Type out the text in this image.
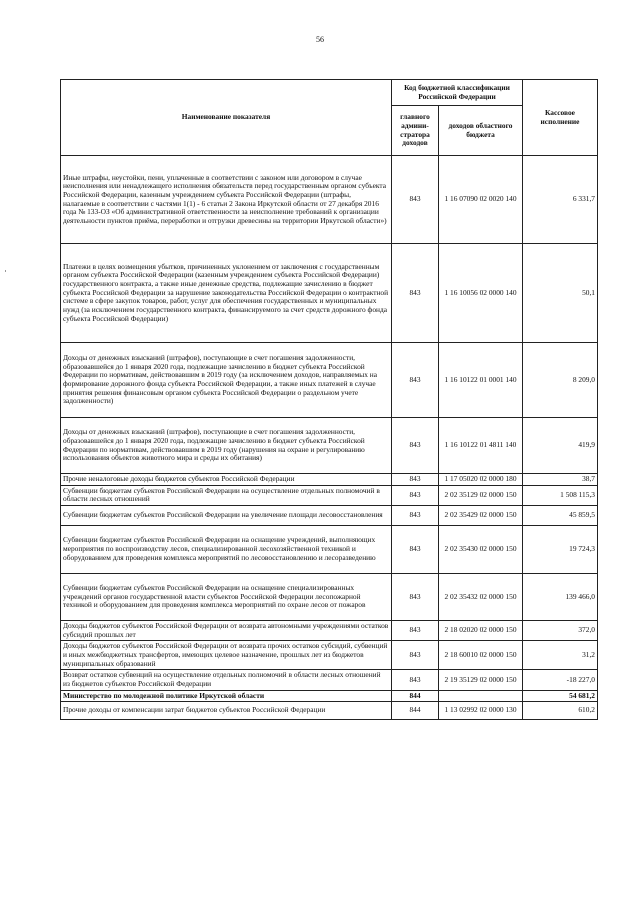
56
Наименование показателя	Код бюджетной классификации Российской Федерации		Кассовое исполнение
	главного админи-стратора доходов	доходов областного бюджета	
Иные штрафы, неустойки, пени, уплаченные в соответствии с законом или договором в случае неисполнения или ненадлежащего исполнения обязательств перед государственным органом субъекта Российской Федерации, казенным учреждением субъекта Российской Федерации (штрафы, налагаемые в соответствии с частями 1(1) - 6 статьи 2 Закона Иркутской области от 27 декабря 2016 года № 133-ОЗ «Об административной ответственности за неисполнение требований к организации деятельности пунктов приёма, переработки и отгрузки древесины на территории Иркутской области»)	843	1 16 07090 02 0020 140	6 331,7
Платежи в целях возмещения убытков, причиненных уклонением от заключения с государственным органом субъекта Российской Федерации (казенным учреждением субъекта Российской Федерации) государственного контракта, а также иные денежные средства, подлежащие зачислению в бюджет субъекта Российской Федерации за нарушение законодательства Российской Федерации о контрактной системе в сфере закупок товаров, работ, услуг для обеспечения государственных и муниципальных нужд (за исключением государственного контракта, финансируемого за счет средств дорожного фонда субъекта Российской Федерации)	843	1 16 10056 02 0000 140	50,1
Доходы от денежных взысканий (штрафов), поступающие в счет погашения задолженности, образовавшейся до 1 января 2020 года, подлежащие зачислению в бюджет субъекта Российской Федерации по нормативам, действовавшим в 2019 году (за исключением доходов, направляемых на формирование дорожного фонда субъекта Российской Федерации, а также иных платежей в случае принятия решения финансовым органом субъекта Российской Федерации о раздельном учете задолженности)	843	1 16 10122 01 0001 140	8 209,0
Доходы от денежных взысканий (штрафов), поступающие в счет погашения задолженности, образовавшейся до 1 января 2020 года, подлежащие зачислению в бюджет субъекта Российской Федерации по нормативам, действовавшим в 2019 году (нарушения на охране и регулированию использования объектов животного мира и среды их обитания)	843	1 16 10122 01 4811 140	419,9
Прочие неналоговые доходы бюджетов субъектов Российской Федерации	843	1 17 05020 02 0000 180	38,7
Субвенции бюджетам субъектов Российской Федерации на осуществление отдельных полномочий в области лесных отношений	843	2 02 35129 02 0000 150	1 508 115,3
Субвенции бюджетам субъектов Российской Федерации на увеличение площади лесовосстановления	843	2 02 35429 02 0000 150	45 859,5
Субвенции бюджетам субъектов Российской Федерации на оснащение учреждений, выполняющих мероприятия по воспроизводству лесов, специализированной лесохозяйственной техникой и оборудованием для проведения комплекса мероприятий по лесовосстановлению и лесоразведению	843	2 02 35430 02 0000 150	19 724,3
Субвенции бюджетам субъектов Российской Федерации на оснащение специализированных учреждений органов государственной власти субъектов Российской Федерации лесопожарной техникой и оборудованием для проведения комплекса мероприятий по охране лесов от пожаров	843	2 02 35432 02 0000 150	139 466,0
Доходы бюджетов субъектов Российской Федерации от возврата автономными учреждениями остатков субсидий прошлых лет	843	2 18 02020 02 0000 150	372,0
Доходы бюджетов субъектов Российской Федерации от возврата прочих остатков субсидий, субвенций и иных межбюджетных трансфертов, имеющих целевое назначение, прошлых лет из бюджетов муниципальных образований	843	2 18 60010 02 0000 150	31,2
Возврат остатков субвенций на осуществление отдельных полномочий в области лесных отношений из бюджетов субъектов Российской Федерации	843	2 19 35129 02 0000 150	-18 227,0
Министерство по молодежной политике Иркутской области	844		54 681,2
Прочие доходы от компенсации затрат бюджетов субъектов Российской Федерации	844	1 13 02992 02 0000 130	610,2
